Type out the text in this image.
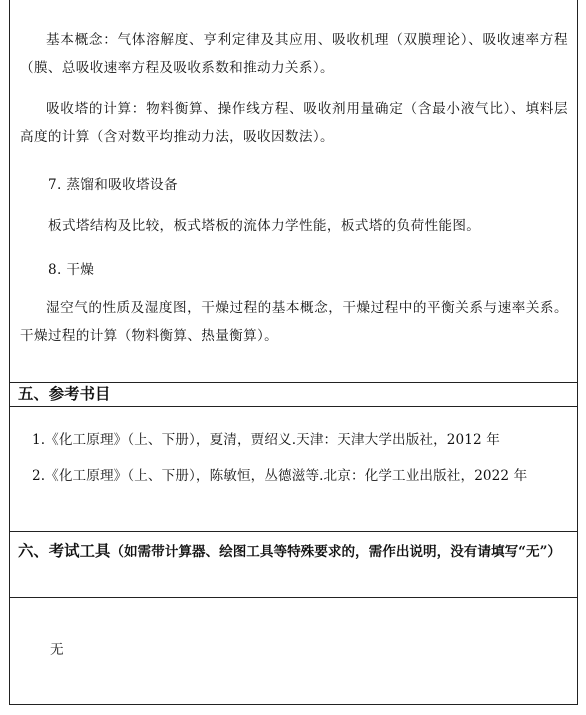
基本概念：气体溶解度、亨利定律及其应用、吸收机理（双膜理论）、吸收速率方程（膜、总吸收速率方程及吸收系数和推动力关系）。
吸收塔的计算：物料衡算、操作线方程、吸收剂用量确定（含最小液气比）、填料层高度的计算（含对数平均推动力法，吸收因数法）。
7. 蒸馏和吸收塔设备
板式塔结构及比较，板式塔板的流体力学性能，板式塔的负荷性能图。
8. 干燥
湿空气的性质及湿度图，干燥过程的基本概念，干燥过程中的平衡关系与速率关系。干燥过程的计算（物料衡算、热量衡算）。
五、参考书目
1.《化工原理》（上、下册），夏清，贾绍义.天津：天津大学出版社，2012 年
2.《化工原理》（上、下册），陈敏恒，丛德滋等.北京：化学工业出版社，2022 年
六、考试工具（如需带计算器、绘图工具等特殊要求的，需作出说明，没有请填写“无”）
无
